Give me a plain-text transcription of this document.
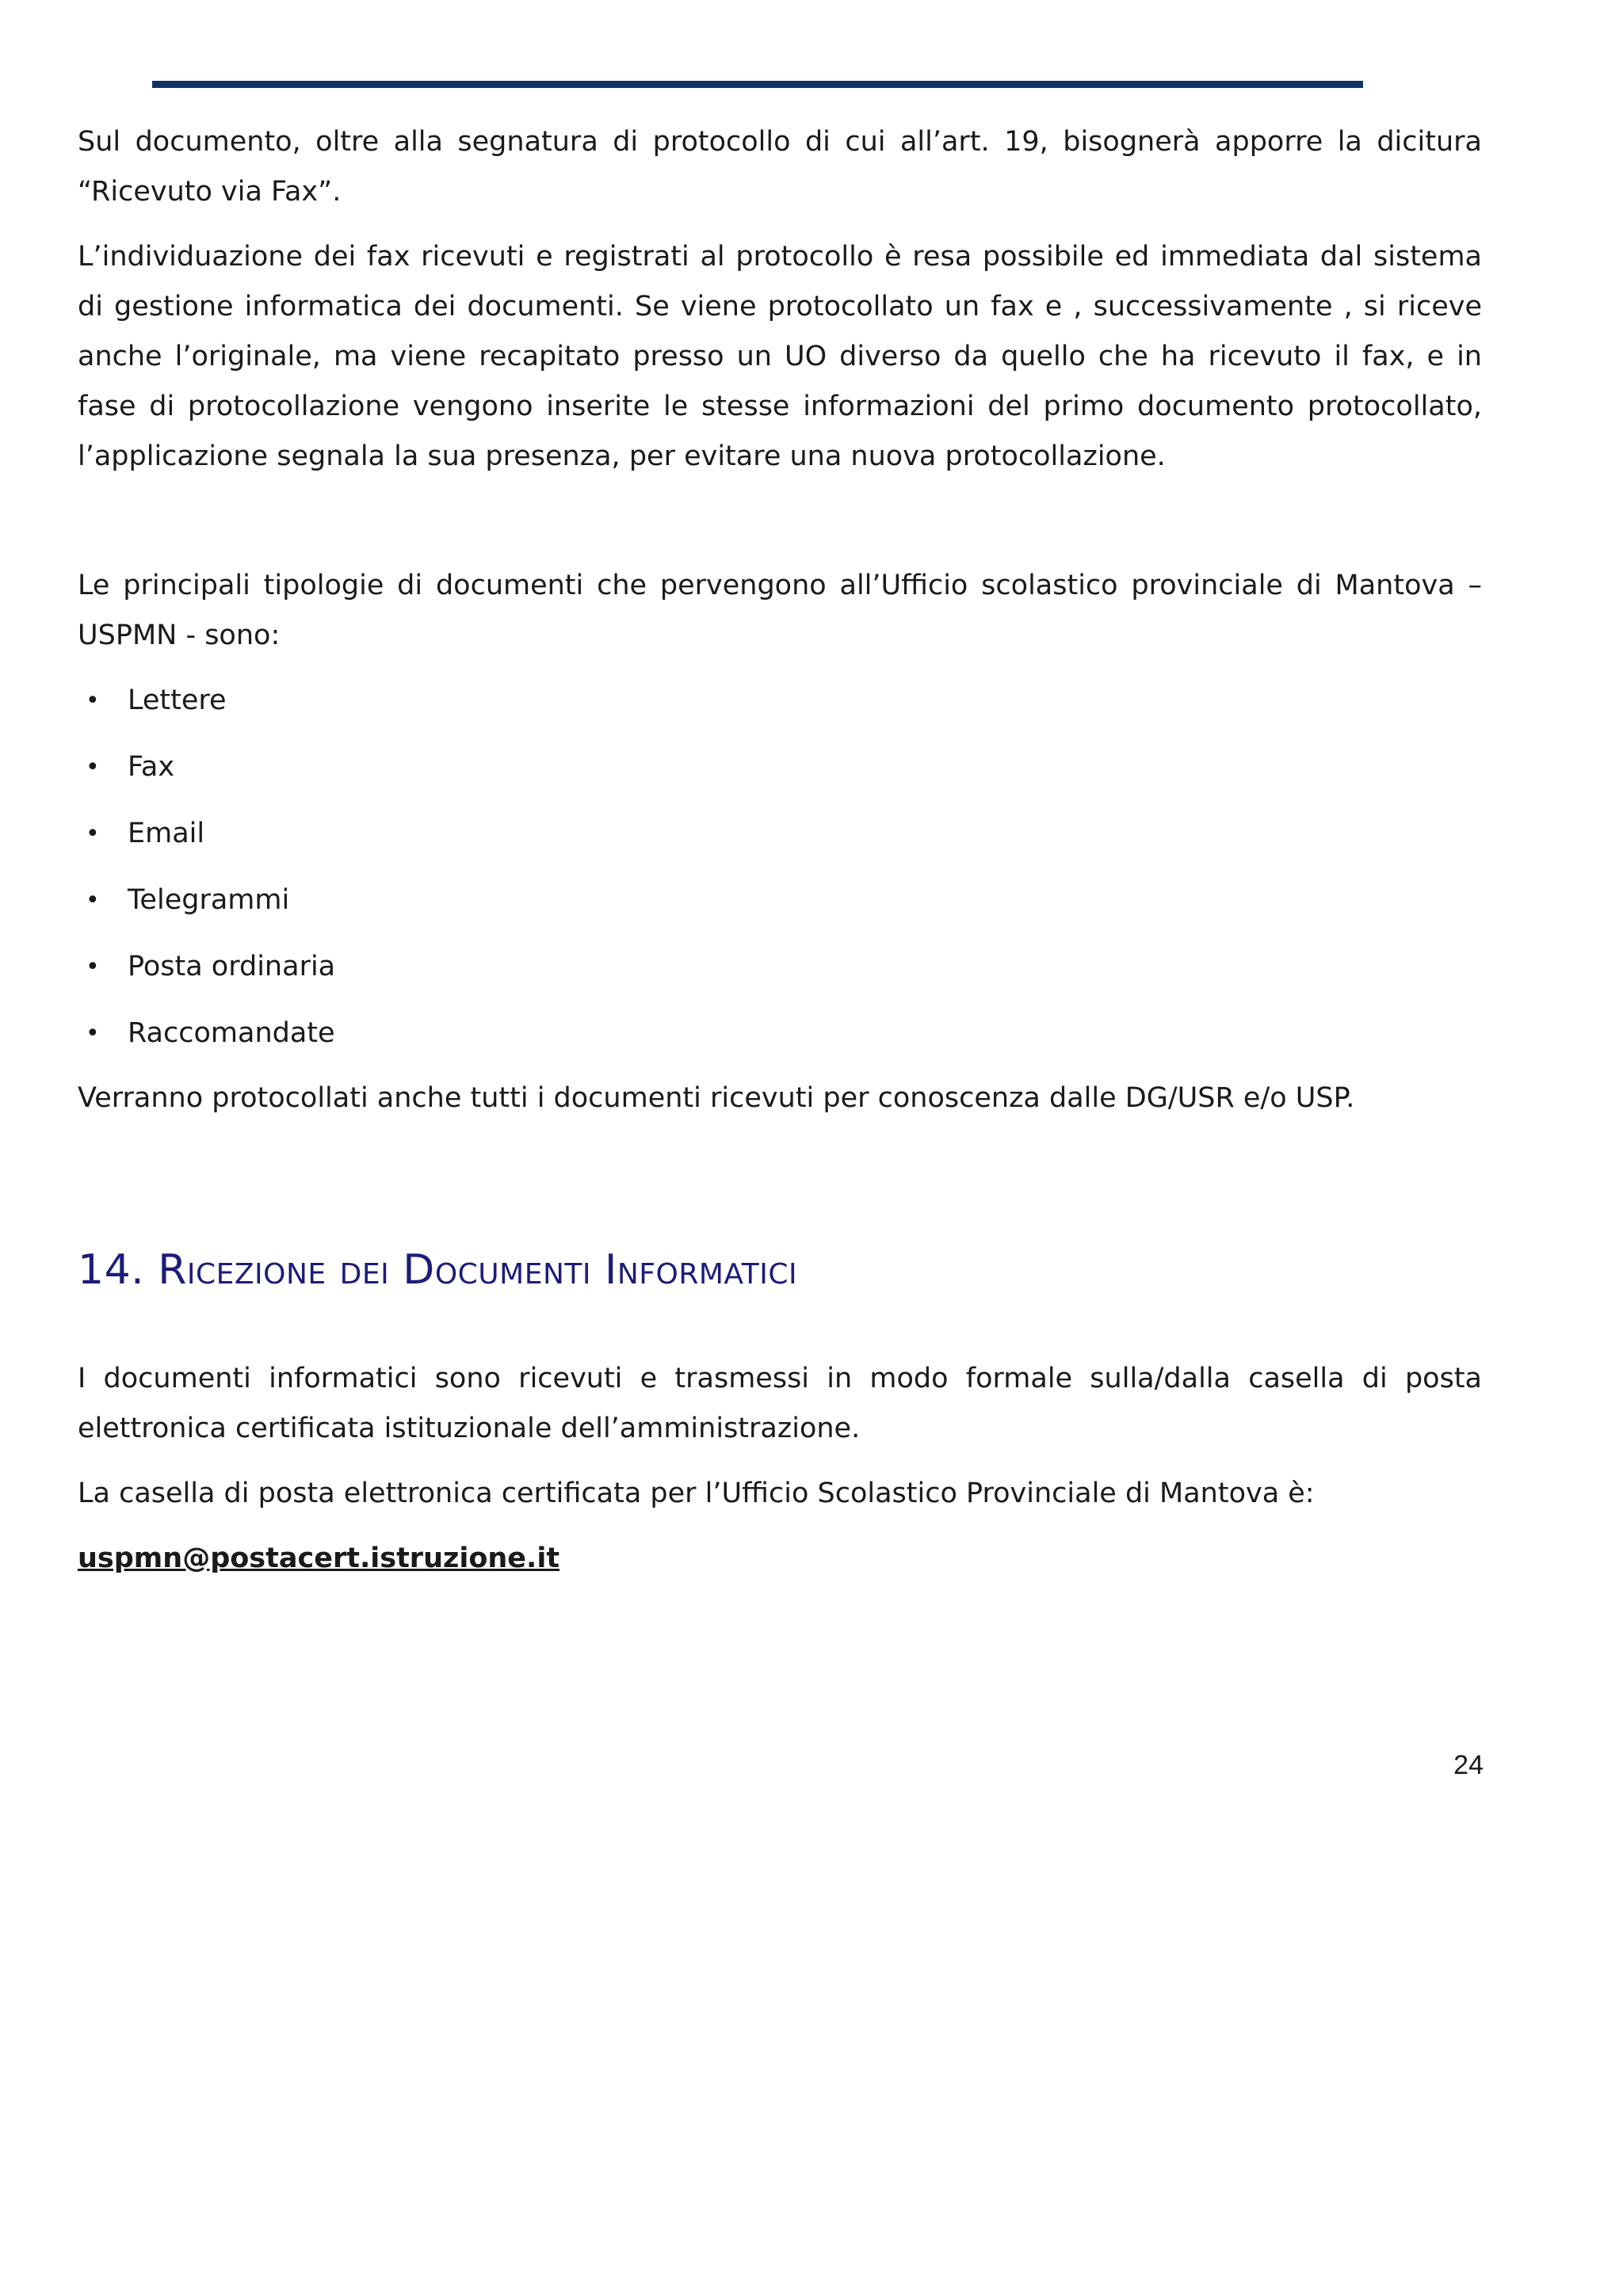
Sul documento, oltre alla segnatura di protocollo di cui all’art. 19, bisognerà apporre la dicitura “Ricevuto via Fax”.

L’individuazione dei fax ricevuti e registrati al protocollo è resa possibile ed immediata dal sistema di gestione informatica dei documenti. Se viene protocollato un fax e , successivamente , si riceve anche l’originale, ma viene recapitato presso un UO diverso da quello che ha ricevuto il fax, e in fase di protocollazione vengono inserite le stesse informazioni del primo documento protocollato, l’applicazione segnala la sua presenza, per evitare una nuova protocollazione.

Le principali tipologie di documenti che pervengono all’Ufficio scolastico provinciale di Mantova – USPMN - sono:

• Lettere
• Fax
• Email
• Telegrammi
• Posta ordinaria
• Raccomandate

Verranno protocollati anche tutti i documenti ricevuti per conoscenza dalle DG/USR e/o USP.

14. Ricezione dei Documenti Informatici

I documenti informatici sono ricevuti e trasmessi in modo formale sulla/dalla casella di posta elettronica certificata istituzionale dell’amministrazione.

La casella di posta elettronica certificata per l’Ufficio Scolastico Provinciale di Mantova è:

uspmn@postacert.istruzione.it

24
